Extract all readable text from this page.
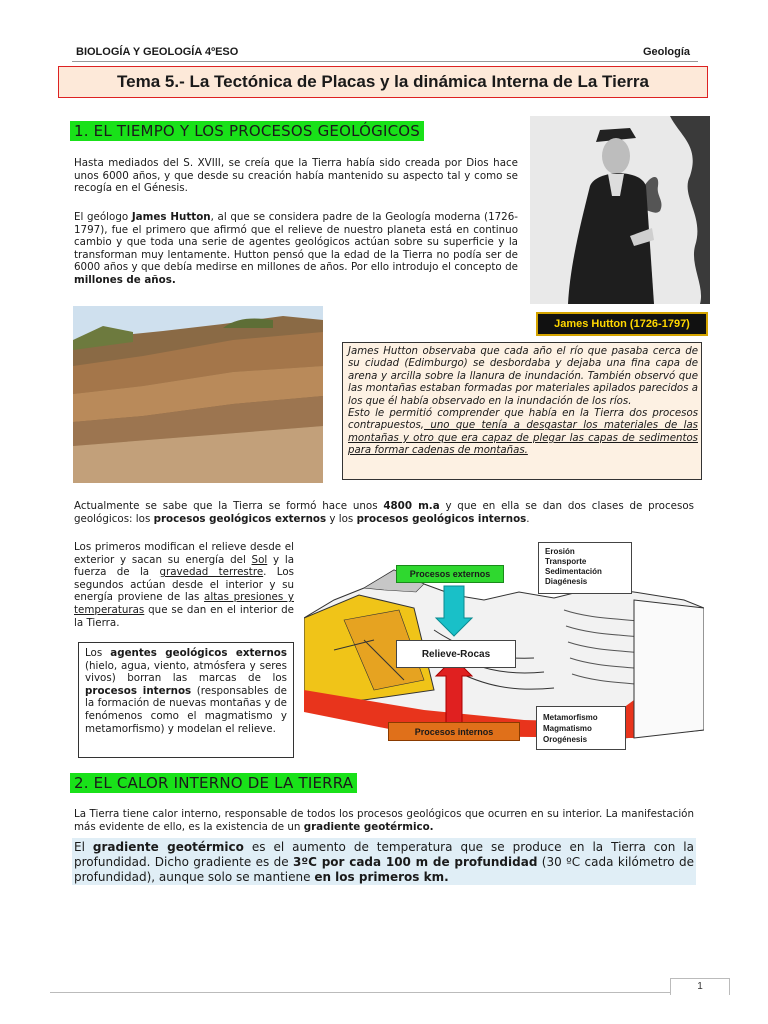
BIOLOGÍA Y GEOLOGÍA 4ºESO	Geología
Tema 5.- La Tectónica de Placas y la dinámica Interna de La Tierra
1. EL TIEMPO Y LOS PROCESOS GEOLÓGICOS
Hasta mediados del S. XVIII, se creía que la Tierra había sido creada por Dios hace unos 6000 años, y que desde su creación había mantenido su aspecto tal y como se recogía en el Génesis.
El geólogo James Hutton, al que se considera padre de la Geología moderna (1726-1797), fue el primero que afirmó que el relieve de nuestro planeta está en continuo cambio y que toda una serie de agentes geológicos actúan sobre su superficie y la transforman muy lentamente. Hutton pensó que la edad de la Tierra no podía ser de 6000 años y que debía medirse en millones de años. Por ello introdujo el concepto de millones de años.
James Hutton (1726-1797)
James Hutton observaba que cada año el río que pasaba cerca de su ciudad (Edimburgo) se desbordaba y dejaba una fina capa de arena y arcilla sobre la llanura de inundación. También observó que las montañas estaban formadas por materiales apilados parecidos a los que él había observado en la inundación de los ríos.
Esto le permitió comprender que había en la Tierra dos procesos contrapuestos, uno que tenía a desgastar los materiales de las montañas y otro que era capaz de plegar las capas de sedimentos para formar cadenas de montañas.
Actualmente se sabe que la Tierra se formó hace unos 4800 m.a y que en ella se dan dos clases de procesos geológicos: los procesos geológicos externos y los procesos geológicos internos.
Los primeros modifican el relieve desde el exterior y sacan su energía del Sol y la fuerza de la gravedad terrestre. Los segundos actúan desde el interior y su energía proviene de las altas presiones y temperaturas que se dan en el interior de la Tierra.
Los agentes geológicos externos (hielo, agua, viento, atmósfera y seres vivos) borran las marcas de los procesos internos (responsables de la formación de nuevas montañas y de fenómenos como el magmatismo y metamorfismo) y modelan el relieve.
Erosión
Transporte
Sedimentación
Diagénesis
Procesos externos
Relieve-Rocas
Procesos internos
Metamorfismo
Magmatismo
Orogénesis
2. EL CALOR INTERNO DE LA TIERRA
La Tierra tiene calor interno, responsable de todos los procesos geológicos que ocurren en su interior. La manifestación más evidente de ello, es la existencia de un gradiente geotérmico.
El gradiente geotérmico es el aumento de temperatura que se produce en la Tierra con la profundidad. Dicho gradiente es de 3ºC por cada 100 m de profundidad (30 ºC cada kilómetro de profundidad), aunque solo se mantiene en los primeros km.
1
